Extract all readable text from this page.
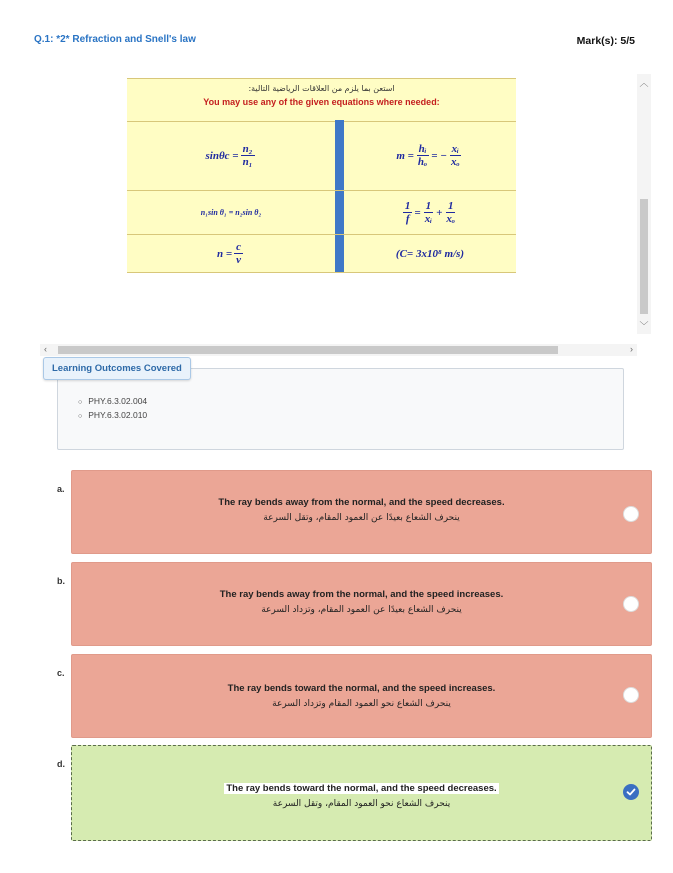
Q.1: *2* Refraction and Snell's law	Mark(s): 5/5
استعن بما يلزم من العلاقات الرياضية التالية:
You may use any of the given equations where needed:
$\sin\theta c = \frac{\text{n₂}}{\text{n₁}}$	$m = \frac{\text{hᵢ}}{\text{hₒ}}$ = − $\frac{\text{xᵢ}}{\text{xₒ}}$
n₁sin θ₁ = n₂sin θ₂	$\frac{1}{f} = \frac{1}{\text{xᵢ}} + \frac{1}{\text{xₒ}}$
$n = \frac{c}{v}$	(C= 3x10⁸ m/s)
︿
﹀
‹	›
Learning Outcomes Covered
○ PHY.6.3.02.004
○ PHY.6.3.02.010
a.
The ray bends away from the normal, and the speed decreases.
ينحرف الشعاع بعيدًا عن العمود المقام، وتقل السرعة
b.
The ray bends away from the normal, and the speed increases.
ينحرف الشعاع بعيدًا عن العمود المقام، وتزداد السرعة
c.
The ray bends toward the normal, and the speed increases.
ينحرف الشعاع نحو العمود المقام وتزداد السرعة
d.
The ray bends toward the normal, and the speed decreases.
ينحرف الشعاع نحو العمود المقام، وتقل السرعة
